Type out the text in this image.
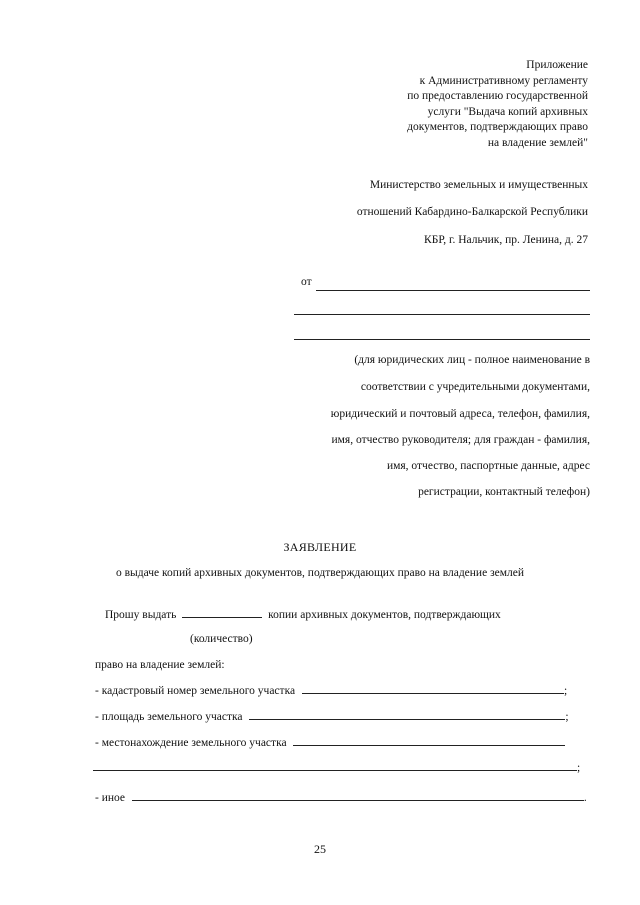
Приложение
к Административному регламенту
по предоставлению государственной
услуги "Выдача копий архивных
документов, подтверждающих право
на владение землей"
Министерство земельных и имущественных
отношений Кабардино-Балкарской Республики
КБР, г. Нальчик, пр. Ленина, д. 27
от
(для юридических лиц - полное наименование в
соответствии с учредительными документами,
юридический и почтовый адреса, телефон, фамилия,
имя, отчество руководителя; для граждан - фамилия,
имя, отчество, паспортные данные, адрес
регистрации, контактный телефон)
ЗАЯВЛЕНИЕ
о выдаче копий архивных документов, подтверждающих право на владение землей
Прошу выдать	копии архивных документов, подтверждающих
(количество)
право на владение землей:
- кадастровый номер земельного участка	;
- площадь земельного участка	;
- местонахождение земельного участка
;
- иное	.
25
